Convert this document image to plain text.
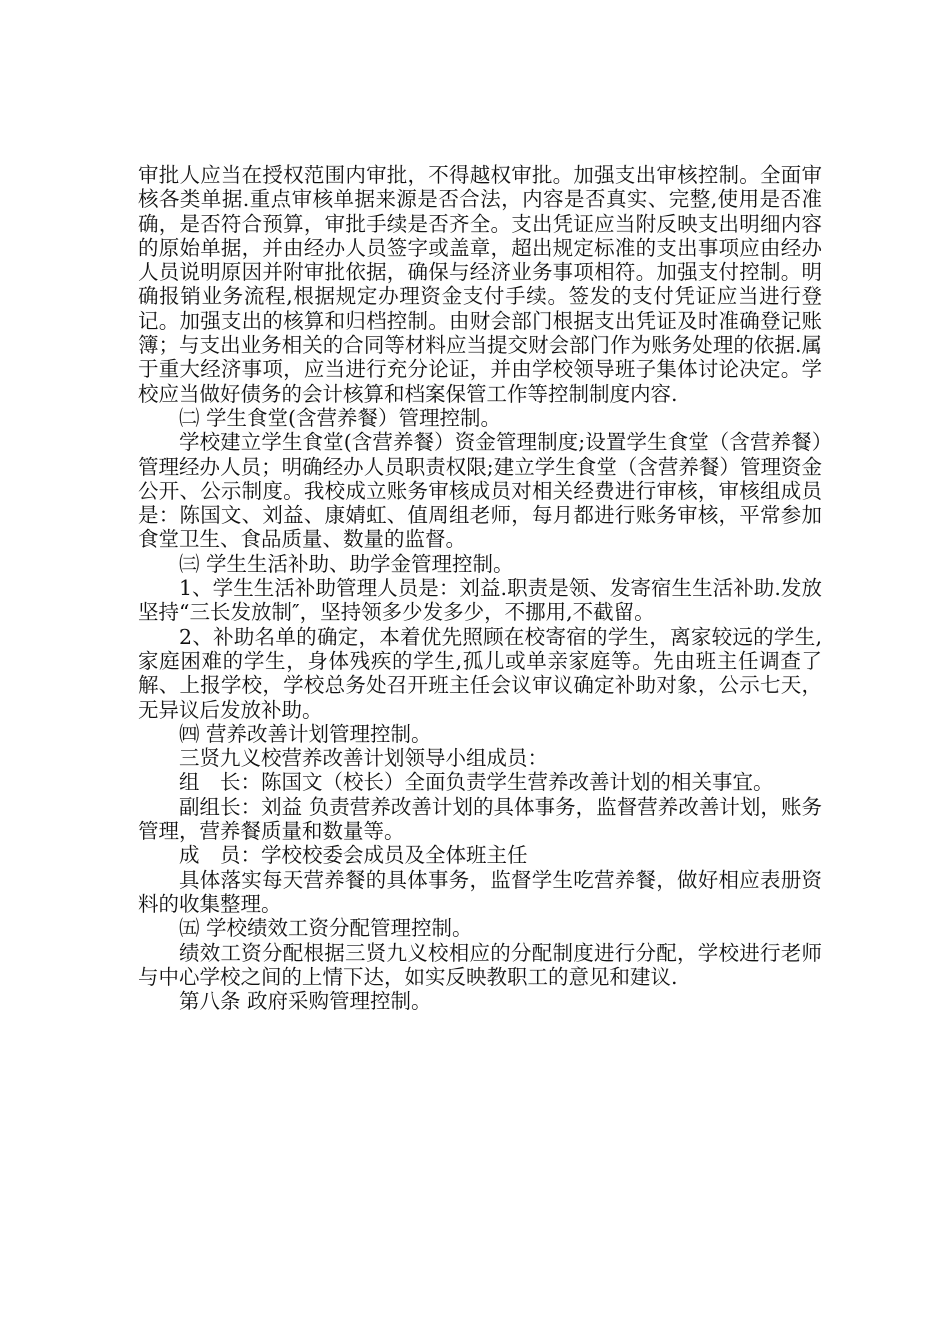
审批人应当在授权范围内审批，不得越权审批。加强支出审核控制。全面审核各类单据.重点审核单据来源是否合法，内容是否真实、完整,使用是否准确，是否符合预算，审批手续是否齐全。支出凭证应当附反映支出明细内容的原始单据，并由经办人员签字或盖章，超出规定标准的支出事项应由经办人员说明原因并附审批依据，确保与经济业务事项相符。加强支付控制。明确报销业务流程,根据规定办理资金支付手续。签发的支付凭证应当进行登记。加强支出的核算和归档控制。由财会部门根据支出凭证及时准确登记账簿；与支出业务相关的合同等材料应当提交财会部门作为账务处理的依据.属于重大经济事项，应当进行充分论证，并由学校领导班子集体讨论决定。学校应当做好债务的会计核算和档案保管工作等控制制度内容.

㈡ 学生食堂(含营养餐）管理控制。

学校建立学生食堂(含营养餐）资金管理制度;设置学生食堂（含营养餐）管理经办人员；明确经办人员职责权限;建立学生食堂（含营养餐）管理资金公开、公示制度。我校成立账务审核成员对相关经费进行审核，审核组成员是：陈国文、刘益、康婧虹、值周组老师，每月都进行账务审核，平常参加食堂卫生、食品质量、数量的监督。

㈢ 学生生活补助、助学金管理控制。

1、学生生活补助管理人员是：刘益.职责是领、发寄宿生生活补助.发放坚持“三长发放制″，坚持领多少发多少，不挪用,不截留。

2、补助名单的确定，本着优先照顾在校寄宿的学生，离家较远的学生,家庭困难的学生，身体残疾的学生,孤儿或单亲家庭等。先由班主任调查了解、上报学校，学校总务处召开班主任会议审议确定补助对象，公示七天，无异议后发放补助。

㈣ 营养改善计划管理控制。

三贤九义校营养改善计划领导小组成员：

组　长：陈国文（校长）全面负责学生营养改善计划的相关事宜。

副组长：刘益 负责营养改善计划的具体事务，监督营养改善计划，账务管理，营养餐质量和数量等。

成　员：学校校委会成员及全体班主任

具体落实每天营养餐的具体事务，监督学生吃营养餐，做好相应表册资料的收集整理。

㈤ 学校绩效工资分配管理控制。

绩效工资分配根据三贤九义校相应的分配制度进行分配，学校进行老师与中心学校之间的上情下达，如实反映教职工的意见和建议.

第八条 政府采购管理控制。
